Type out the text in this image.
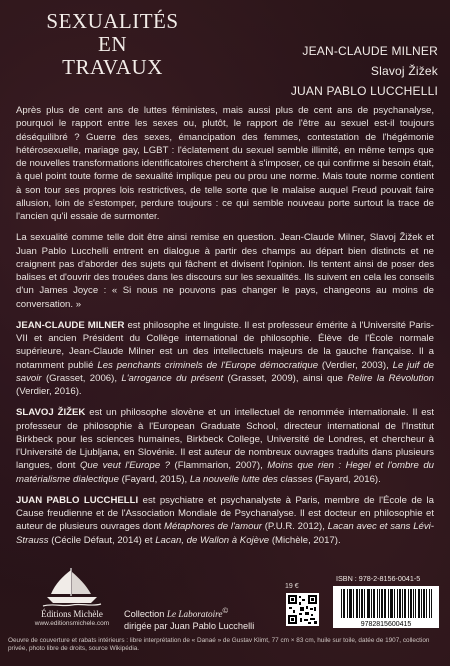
SEXUALITÉS
EN
TRAVAUX
JEAN-CLAUDE MILNER
Slavoj Žižek
JUAN PABLO LUCCHELLI

Après plus de cent ans de luttes féministes, mais aussi plus de cent ans de psychanalyse, pourquoi le rapport entre les sexes ou, plutôt, le rapport de l'être au sexuel est-il toujours déséquilibré ? Guerre des sexes, émancipation des femmes, contestation de l'hégémonie hétérosexuelle, mariage gay, LGBT : l'éclatement du sexuel semble illimité, en même temps que de nouvelles transformations identificatoires cherchent à s'imposer, ce qui confirme si besoin était, à quel point toute forme de sexualité implique peu ou prou une norme. Mais toute norme contient à son tour ses propres lois restrictives, de telle sorte que le malaise auquel Freud pouvait faire allusion, loin de s'estomper, perdure toujours : ce qui semble nouveau porte surtout la trace de l'ancien qu'il essaie de surmonter.

La sexualité comme telle doit être ainsi remise en question. Jean-Claude Milner, Slavoj Žižek et Juan Pablo Lucchelli entrent en dialogue à partir des champs au départ bien distincts et ne craignent pas d'aborder des sujets qui fâchent et divisent l'opinion. Ils tentent ainsi de poser des balises et d'ouvrir des trouées dans les discours sur les sexualités. Ils suivent en cela les conseils d'un James Joyce : « Si nous ne pouvons pas changer le pays, changeons au moins de conversation. »

JEAN-CLAUDE MILNER est philosophe et linguiste. Il est professeur émérite à l'Université Paris-VII et ancien Président du Collège international de philosophie. Élève de l'École normale supérieure, Jean-Claude Milner est un des intellectuels majeurs de la gauche française. Il a notamment publié Les penchants criminels de l'Europe démocratique (Verdier, 2003), Le juif de savoir (Grasset, 2006), L'arrogance du présent (Grasset, 2009), ainsi que Relire la Révolution (Verdier, 2016).

SLAVOJ ŽIŽEK est un philosophe slovène et un intellectuel de renommée internationale. Il est professeur de philosophie à l'European Graduate School, directeur international de l'Institut Birkbeck pour les sciences humaines, Birkbeck College, Université de Londres, et chercheur à l'Université de Ljubljana, en Slovénie. Il est auteur de nombreux ouvrages traduits dans plusieurs langues, dont Que veut l'Europe ? (Flammarion, 2007), Moins que rien : Hegel et l'ombre du matérialisme dialectique (Fayard, 2015), La nouvelle lutte des classes (Fayard, 2016).

JUAN PABLO LUCCHELLI est psychiatre et psychanalyste à Paris, membre de l'École de la Cause freudienne et de l'Association Mondiale de Psychanalyse. Il est docteur en philosophie et auteur de plusieurs ouvrages dont Métaphores de l'amour (P.U.R. 2012), Lacan avec et sans Lévi-Strauss (Cécile Défaut, 2014) et Lacan, de Wallon à Kojève (Michèle, 2017).

Éditions Michèle
www.editionsmichele.com
Collection Le Laboratoire©
dirigée par Juan Pablo Lucchelli
19 €
ISBN : 978-2-8156-0041-5
9782815600415
Oeuvre de couverture et rabats intérieurs : libre interprétation de « Danaé » de Gustav Klimt, 77 cm × 83 cm, huile sur toile, datée de 1907, collection privée, photo libre de droits, source Wikipédia.
